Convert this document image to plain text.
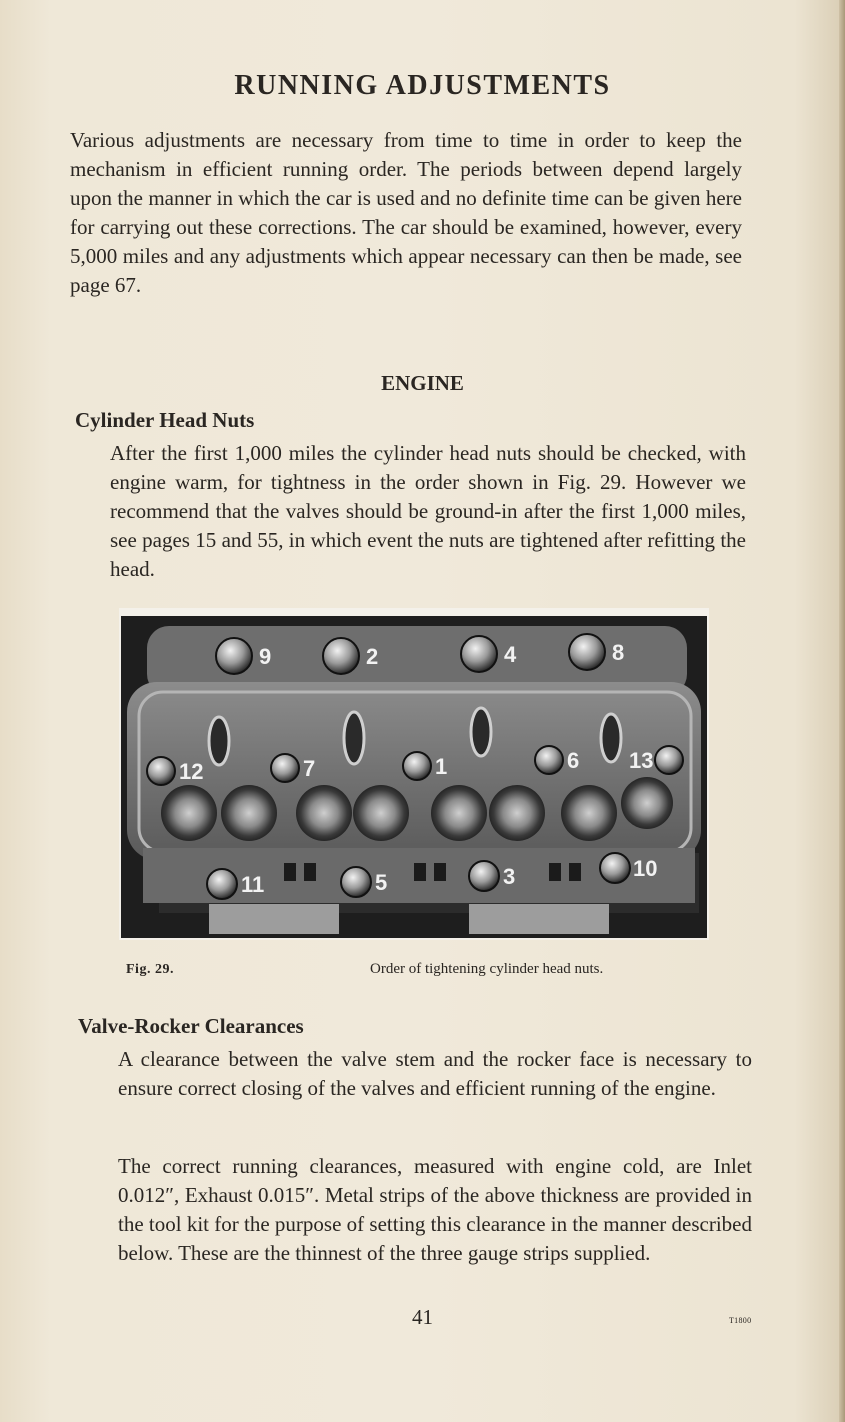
RUNNING ADJUSTMENTS

Various adjustments are necessary from time to time in order to keep the mechanism in efficient running order. The periods between depend largely upon the manner in which the car is used and no definite time can be given here for carrying out these corrections. The car should be examined, however, every 5,000 miles and any adjustments which appear necessary can then be made, see page 67.

ENGINE
Cylinder Head Nuts

After the first 1,000 miles the cylinder head nuts should be checked, with engine warm, for tightness in the order shown in Fig. 29. However we recommend that the valves should be ground-in after the first 1,000 miles, see pages 15 and 55, in which event the nuts are tightened after refitting the head.

9	2	4	8
12	7	1	6 13
11	5	3	10
Fig. 29.	Order of tightening cylinder head nuts.
Valve-Rocker Clearances

A clearance between the valve stem and the rocker face is necessary to ensure correct closing of the valves and efficient running of the engine.

The correct running clearances, measured with engine cold, are Inlet 0.012″, Exhaust 0.015″. Metal strips of the above thickness are provided in the tool kit for the purpose of setting this clearance in the manner described below. These are the thinnest of the three gauge strips supplied.

41	T1800
